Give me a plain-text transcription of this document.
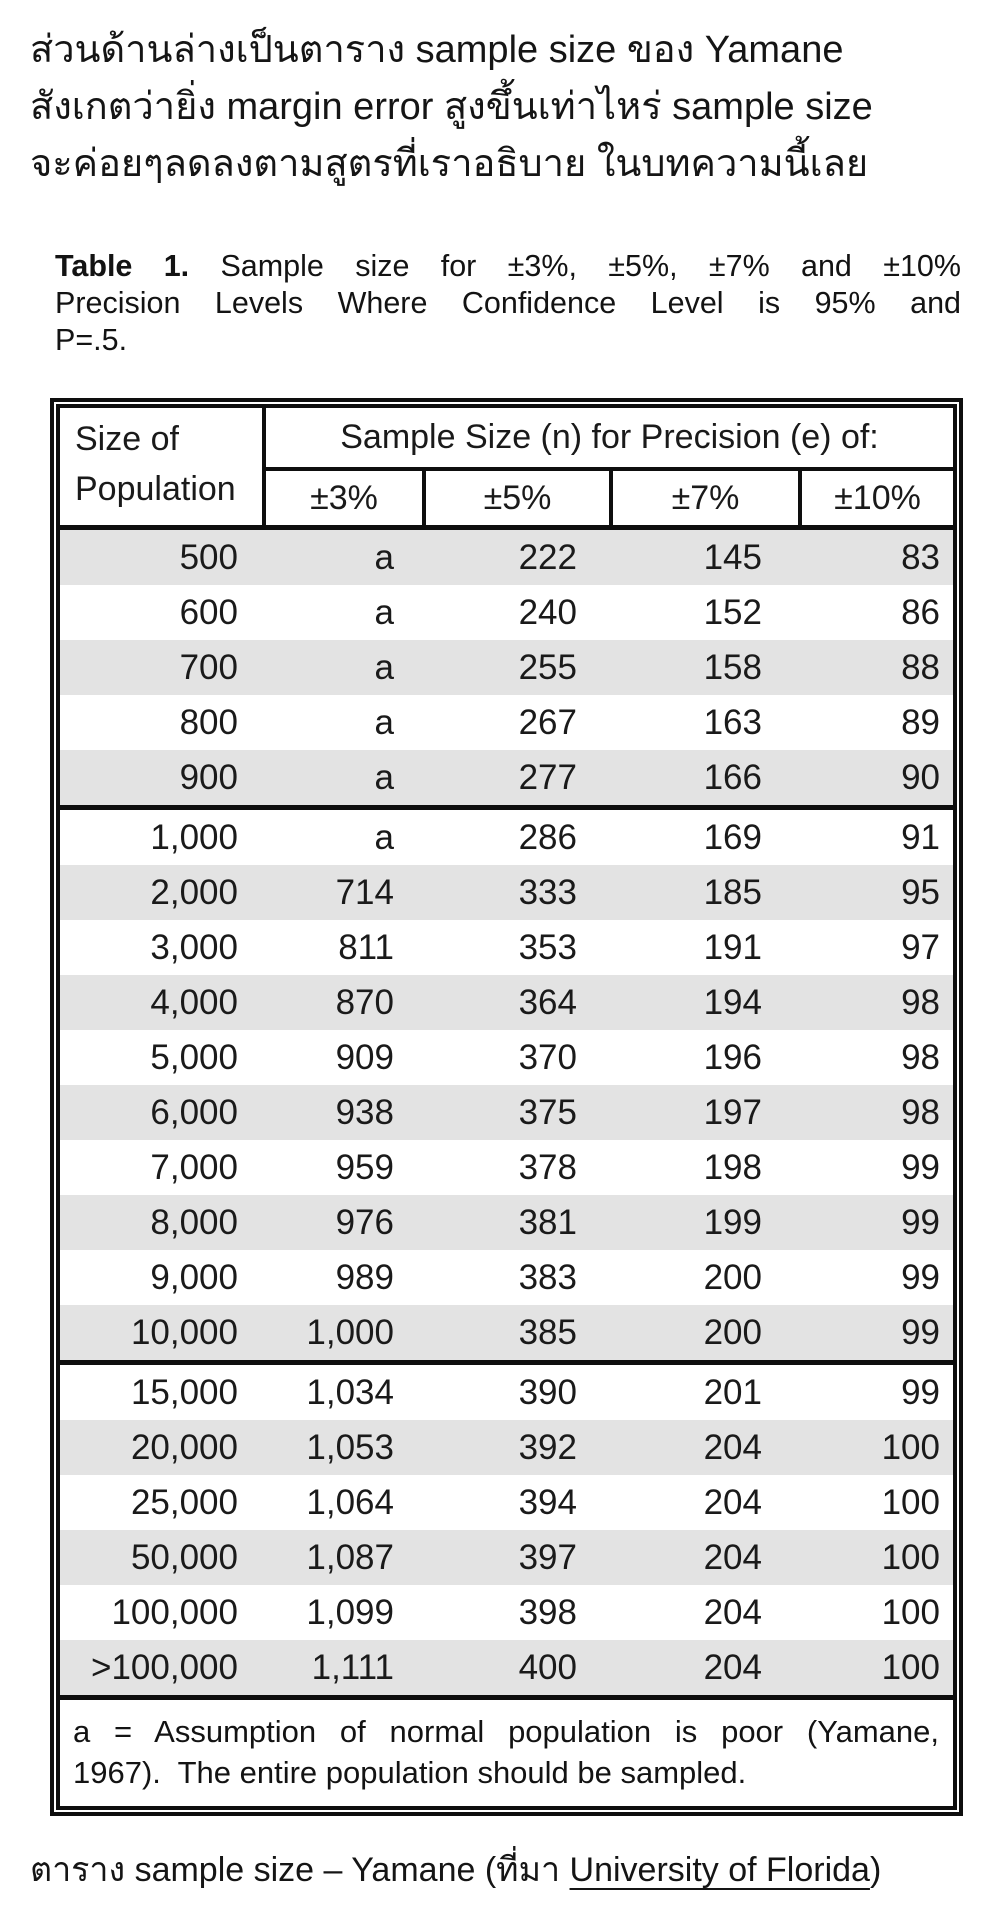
ส่วนด้านล่างเป็นตาราง sample size ของ Yamane
สังเกตว่ายิ่ง margin error สูงขึ้นเท่าไหร่ sample size
จะค่อยๆลดลงตามสูตรที่เราอธิบาย ในบทความนี้เลย
Table 1. Sample size for ±3%, ±5%, ±7% and ±10%
Precision Levels Where Confidence Level is 95% and
P=.5.
Size of
Population
Sample Size (n) for Precision (e) of:
±3%	±5%	±7%	±10%
500	a	222	145	83
600	a	240	152	86
700	a	255	158	88
800	a	267	163	89
900	a	277	166	90
1,000	a	286	169	91
2,000	714	333	185	95
3,000	811	353	191	97
4,000	870	364	194	98
5,000	909	370	196	98
6,000	938	375	197	98
7,000	959	378	198	99
8,000	976	381	199	99
9,000	989	383	200	99
10,000	1,000	385	200	99
15,000	1,034	390	201	99
20,000	1,053	392	204	100
25,000	1,064	394	204	100
50,000	1,087	397	204	100
100,000	1,099	398	204	100
>100,000	1,111	400	204	100
a = Assumption of normal population is poor (Yamane,
1967).  The entire population should be sampled.
ตาราง sample size – Yamane (ที่มา University of Florida)
